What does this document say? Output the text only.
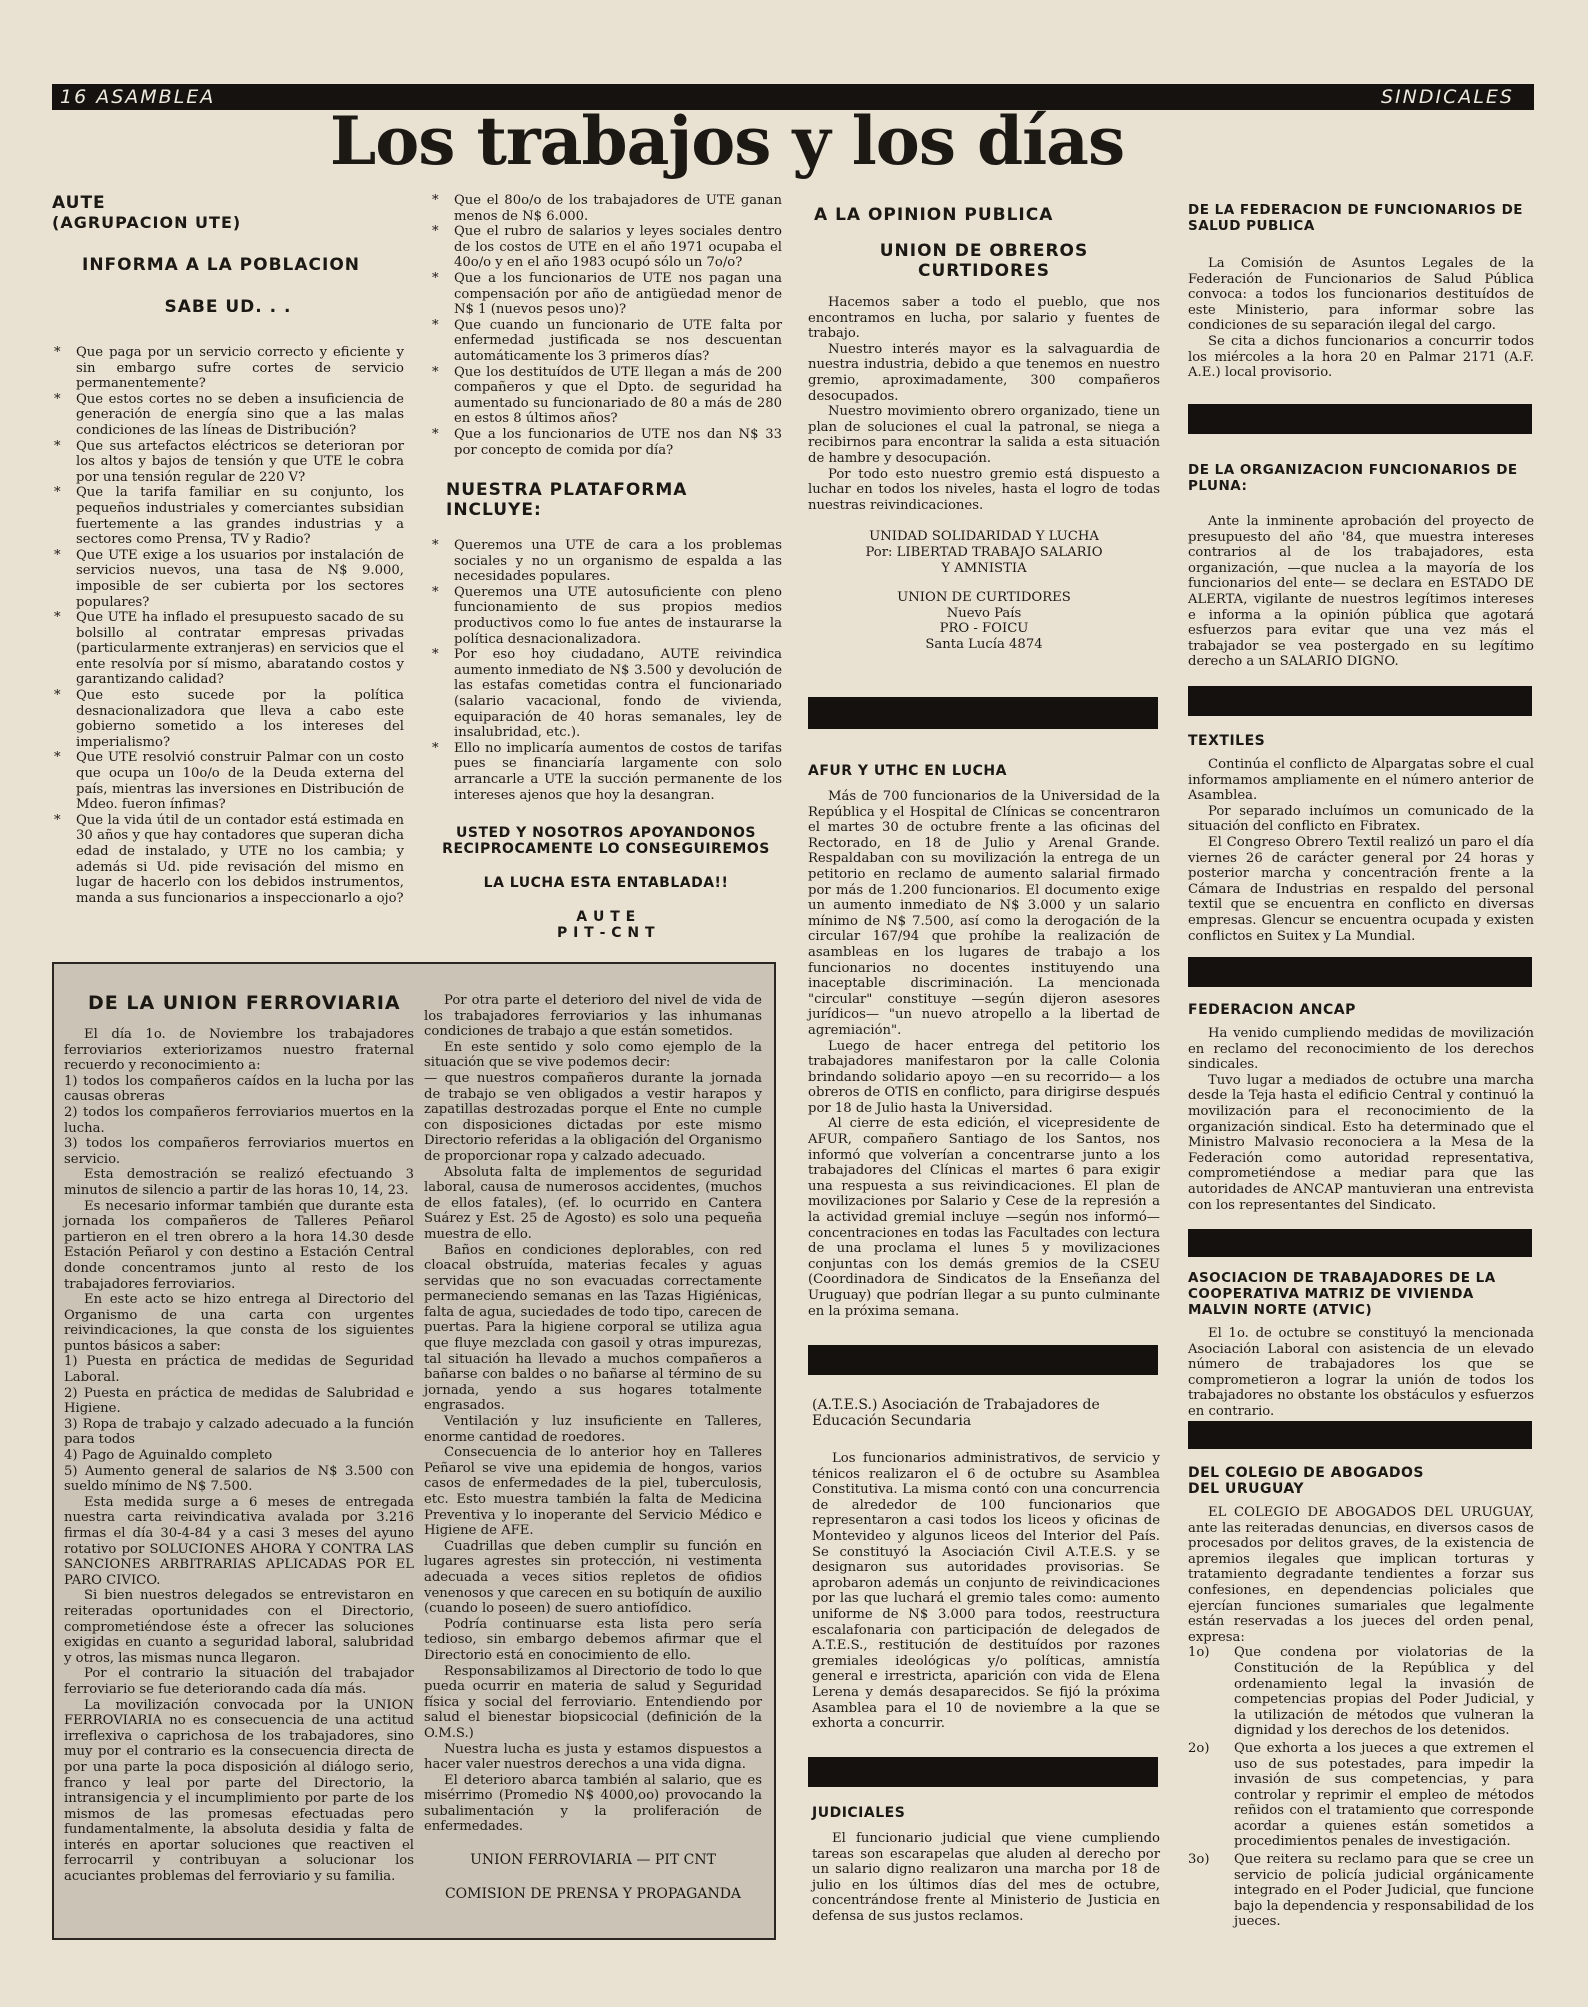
16 ASAMBLEA	SINDICALES
Los trabajos y los días
AUTE
(AGRUPACION UTE)
INFORMA A LA POBLACION
SABE UD. . .
* Que paga por un servicio correcto y eficiente y sin embargo sufre cortes de servicio permanentemente?
* Que estos cortes no se deben a insuficiencia de generación de energía sino que a las malas condiciones de las líneas de Distribución?
* Que sus artefactos eléctricos se deterioran por los altos y bajos de tensión y que UTE le cobra por una tensión regular de 220 V?
* Que la tarifa familiar en su conjunto, los pequeños industriales y comerciantes subsidian fuertemente a las grandes industrias y a sectores como Prensa, TV y Radio?
* Que UTE exige a los usuarios por instalación de servicios nuevos, una tasa de N$ 9.000, imposible de ser cubierta por los sectores populares?
* Que UTE ha inflado el presupuesto sacado de su bolsillo al contratar empresas privadas (particularmente extranjeras) en servicios que el ente resolvía por sí mismo, abaratando costos y garantizando calidad?
* Que esto sucede por la política desnacionalizadora que lleva a cabo este gobierno sometido a los intereses del imperialismo?
* Que UTE resolvió construir Palmar con un costo que ocupa un 10o/o de la Deuda externa del país, mientras las inversiones en Distribución de Mdeo. fueron ínfimas?
* Que la vida útil de un contador está estimada en 30 años y que hay contadores que superan dicha edad de instalado, y UTE no los cambia; y además si Ud. pide revisación del mismo en lugar de hacerlo con los debidos instrumentos, manda a sus funcionarios a inspeccionarlo a ojo?
* Que el 80o/o de los trabajadores de UTE ganan menos de N$ 6.000.
* Que el rubro de salarios y leyes sociales dentro de los costos de UTE en el año 1971 ocupaba el 40o/o y en el año 1983 ocupó sólo un 7o/o?
* Que a los funcionarios de UTE nos pagan una compensación por año de antigüedad menor de N$ 1 (nuevos pesos uno)?
* Que cuando un funcionario de UTE falta por enfermedad justificada se nos descuentan automáticamente los 3 primeros días?
* Que los destituídos de UTE llegan a más de 200 compañeros y que el Dpto. de seguridad ha aumentado su funcionariado de 80 a más de 280 en estos 8 últimos años?
* Que a los funcionarios de UTE nos dan N$ 33 por concepto de comida por día?
NUESTRA PLATAFORMA INCLUYE:
* Queremos una UTE de cara a los problemas sociales y no un organismo de espalda a las necesidades populares.
* Queremos una UTE autosuficiente con pleno funcionamiento de sus propios medios productivos como lo fue antes de instaurarse la política desnacionalizadora.
* Por eso hoy ciudadano, AUTE reivindica aumento inmediato de N$ 3.500 y devolución de las estafas cometidas contra el funcionariado (salario vacacional, fondo de vivienda, equiparación de 40 horas semanales, ley de insalubridad, etc.).
* Ello no implicaría aumentos de costos de tarifas pues se financiaría largamente con solo arrancarle a UTE la succión permanente de los intereses ajenos que hoy la desangran.
USTED Y NOSOTROS APOYANDONOS RECIPROCAMENTE LO CONSEGUIREMOS
LA LUCHA ESTA ENTABLADA!!
A U T E
P I T - C N T
DE LA UNION FERROVIARIA

El día 1o. de Noviembre los trabajadores ferroviarios exteriorizamos nuestro fraternal recuerdo y reconocimiento a:

1) todos los compañeros caídos en la lucha por las causas obreras

2) todos los compañeros ferroviarios muertos en la lucha.

3) todos los compañeros ferroviarios muertos en servicio.

Esta demostración se realizó efectuando 3 minutos de silencio a partir de las horas 10, 14, 23.

Es necesario informar también que durante esta jornada los compañeros de Talleres Peñarol partieron en el tren obrero a la hora 14.30 desde Estación Peñarol y con destino a Estación Central donde concentramos junto al resto de los trabajadores ferroviarios.

En este acto se hizo entrega al Directorio del Organismo de una carta con urgentes reivindicaciones, la que consta de los siguientes puntos básicos a saber:

1) Puesta en práctica de medidas de Seguridad Laboral.

2) Puesta en práctica de medidas de Salubridad e Higiene.

3) Ropa de trabajo y calzado adecuado a la función para todos

4) Pago de Aguinaldo completo

5) Aumento general de salarios de N$ 3.500 con sueldo mínimo de N$ 7.500.

Esta medida surge a 6 meses de entregada nuestra carta reivindicativa avalada por 3.216 firmas el día 30-4-84 y a casi 3 meses del ayuno rotativo por SOLUCIONES AHORA Y CONTRA LAS SANCIONES ARBITRARIAS APLICADAS POR EL PARO CIVICO.

Si bien nuestros delegados se entrevistaron en reiteradas oportunidades con el Directorio, comprometiéndose éste a ofrecer las soluciones exigidas en cuanto a seguridad laboral, salubridad y otros, las mismas nunca llegaron.

Por el contrario la situación del trabajador ferroviario se fue deteriorando cada día más.

La movilización convocada por la UNION FERROVIARIA no es consecuencia de una actitud irreflexiva o caprichosa de los trabajadores, sino muy por el contrario es la consecuencia directa de por una parte la poca disposición al diálogo serio, franco y leal por parte del Directorio, la intransigencia y el incumplimiento por parte de los mismos de las promesas efectuadas pero fundamentalmente, la absoluta desidia y falta de interés en aportar soluciones que reactiven el ferrocarril y contribuyan a solucionar los acuciantes problemas del ferroviario y su familia.

Por otra parte el deterioro del nivel de vida de los trabajadores ferroviarios y las inhumanas condiciones de trabajo a que están sometidos.

En este sentido y solo como ejemplo de la situación que se vive podemos decir:

— que nuestros compañeros durante la jornada de trabajo se ven obligados a vestir harapos y zapatillas destrozadas porque el Ente no cumple con disposiciones dictadas por este mismo Directorio referidas a la obligación del Organismo de proporcionar ropa y calzado adecuado.

Absoluta falta de implementos de seguridad laboral, causa de numerosos accidentes, (muchos de ellos fatales), (ef. lo ocurrido en Cantera Suárez y Est. 25 de Agosto) es solo una pequeña muestra de ello.

Baños en condiciones deplorables, con red cloacal obstruída, materias fecales y aguas servidas que no son evacuadas correctamente permaneciendo semanas en las Tazas Higiénicas, falta de agua, suciedades de todo tipo, carecen de puertas. Para la higiene corporal se utiliza agua que fluye mezclada con gasoil y otras impurezas, tal situación ha llevado a muchos compañeros a bañarse con baldes o no bañarse al término de su jornada, yendo a sus hogares totalmente engrasados.

Ventilación y luz insuficiente en Talleres, enorme cantidad de roedores.

Consecuencia de lo anterior hoy en Talleres Peñarol se vive una epidemia de hongos, varios casos de enfermedades de la piel, tuberculosis, etc. Esto muestra también la falta de Medicina Preventiva y lo inoperante del Servicio Médico e Higiene de AFE.

Cuadrillas que deben cumplir su función en lugares agrestes sin protección, ni vestimenta adecuada a veces sitios repletos de ofidios venenosos y que carecen en su botiquín de auxilio (cuando lo poseen) de suero antiofídico.

Podría continuarse esta lista pero sería tedioso, sin embargo debemos afirmar que el Directorio está en conocimiento de ello.

Responsabilizamos al Directorio de todo lo que pueda ocurrir en materia de salud y Seguridad física y social del ferroviario. Entendiendo por salud el bienestar biopsicocial (definición de la O.M.S.)

Nuestra lucha es justa y estamos dispuestos a hacer valer nuestros derechos a una vida digna.

El deterioro abarca también al salario, que es misérrimo (Promedio N$ 4000,oo) provocando la subalimentación y la proliferación de enfermedades.

UNION FERROVIARIA — PIT CNT
COMISION DE PRENSA Y PROPAGANDA
A LA OPINION PUBLICA
UNION DE OBREROS CURTIDORES

Hacemos saber a todo el pueblo, que nos encontramos en lucha, por salario y fuentes de trabajo.

Nuestro interés mayor es la salvaguardia de nuestra industria, debido a que tenemos en nuestro gremio, aproximadamente, 300 compañeros desocupados.

Nuestro movimiento obrero organizado, tiene un plan de soluciones el cual la patronal, se niega a recibirnos para encontrar la salida a esta situación de hambre y desocupación.

Por todo esto nuestro gremio está dispuesto a luchar en todos los niveles, hasta el logro de todas nuestras reivindicaciones.

UNIDAD SOLIDARIDAD Y LUCHA
Por: LIBERTAD TRABAJO SALARIO
Y AMNISTIA
UNION DE CURTIDORES
Nuevo País
PRO - FOICU
Santa Lucía 4874
AFUR Y UTHC EN LUCHA

Más de 700 funcionarios de la Universidad de la República y el Hospital de Clínicas se concentraron el martes 30 de octubre frente a las oficinas del Rectorado, en 18 de Julio y Arenal Grande. Respaldaban con su movilización la entrega de un petitorio en reclamo de aumento salarial firmado por más de 1.200 funcionarios. El documento exige un aumento inmediato de N$ 3.000 y un salario mínimo de N$ 7.500, así como la derogación de la circular 167/94 que prohíbe la realización de asambleas en los lugares de trabajo a los funcionarios no docentes instituyendo una inaceptable discriminación. La mencionada "circular" constituye —según dijeron asesores jurídicos— "un nuevo atropello a la libertad de agremiación".

Luego de hacer entrega del petitorio los trabajadores manifestaron por la calle Colonia brindando solidario apoyo —en su recorrido— a los obreros de OTIS en conflicto, para dirigirse después por 18 de Julio hasta la Universidad.

Al cierre de esta edición, el vicepresidente de AFUR, compañero Santiago de los Santos, nos informó que volverían a concentrarse junto a los trabajadores del Clínicas el martes 6 para exigir una respuesta a sus reivindicaciones. El plan de movilizaciones por Salario y Cese de la represión a la actividad gremial incluye —según nos informó— concentraciones en todas las Facultades con lectura de una proclama el lunes 5 y movilizaciones conjuntas con los demás gremios de la CSEU (Coordinadora de Sindicatos de la Enseñanza del Uruguay) que podrían llegar a su punto culminante en la próxima semana.

(A.T.E.S.) Asociación de Trabajadores de Educación Secundaria

Los funcionarios administrativos, de servicio y ténicos realizaron el 6 de octubre su Asamblea Constitutiva. La misma contó con una concurrencia de alrededor de 100 funcionarios que representaron a casi todos los liceos y oficinas de Montevideo y algunos liceos del Interior del País. Se constituyó la Asociación Civil A.T.E.S. y se designaron sus autoridades provisorias. Se aprobaron además un conjunto de reivindicaciones por las que luchará el gremio tales como: aumento uniforme de N$ 3.000 para todos, reestructura escalafonaria con participación de delegados de A.T.E.S., restitución de destituídos por razones gremiales ideológicas y/o políticas, amnistía general e irrestricta, aparición con vida de Elena Lerena y demás desaparecidos. Se fijó la próxima Asamblea para el 10 de noviembre a la que se exhorta a concurrir.

JUDICIALES

El funcionario judicial que viene cumpliendo tareas son escarapelas que aluden al derecho por un salario digno realizaron una marcha por 18 de julio en los últimos días del mes de octubre, concentrándose frente al Ministerio de Justicia en defensa de sus justos reclamos.

DE LA FEDERACION DE FUNCIONARIOS DE SALUD PUBLICA

La Comisión de Asuntos Legales de la Federación de Funcionarios de Salud Pública convoca: a todos los funcionarios destituídos de este Ministerio, para informar sobre las condiciones de su separación ilegal del cargo.

Se cita a dichos funcionarios a concurrir todos los miércoles a la hora 20 en Palmar 2171 (A.F. A.E.) local provisorio.

DE LA ORGANIZACION FUNCIONARIOS DE PLUNA:

Ante la inminente aprobación del proyecto de presupuesto del año '84, que muestra intereses contrarios al de los trabajadores, esta organización, —que nuclea a la mayoría de los funcionarios del ente— se declara en ESTADO DE ALERTA, vigilante de nuestros legítimos intereses e informa a la opinión pública que agotará esfuerzos para evitar que una vez más el trabajador se vea postergado en su legítimo derecho a un SALARIO DIGNO.

TEXTILES

Continúa el conflicto de Alpargatas sobre el cual informamos ampliamente en el número anterior de Asamblea.

Por separado incluímos un comunicado de la situación del conflicto en Fibratex.

El Congreso Obrero Textil realizó un paro el día viernes 26 de carácter general por 24 horas y posterior marcha y concentración frente a la Cámara de Industrias en respaldo del personal textil que se encuentra en conflicto en diversas empresas. Glencur se encuentra ocupada y existen conflictos en Suitex y La Mundial.

FEDERACION ANCAP

Ha venido cumpliendo medidas de movilización en reclamo del reconocimiento de los derechos sindicales.

Tuvo lugar a mediados de octubre una marcha desde la Teja hasta el edificio Central y continuó la movilización para el reconocimiento de la organización sindical. Esto ha determinado que el Ministro Malvasio reconociera a la Mesa de la Federación como autoridad representativa, comprometiéndose a mediar para que las autoridades de ANCAP mantuvieran una entrevista con los representantes del Sindicato.

ASOCIACION DE TRABAJADORES DE LA COOPERATIVA MATRIZ DE VIVIENDA MALVIN NORTE (ATVIC)

El 1o. de octubre se constituyó la mencionada Asociación Laboral con asistencia de un elevado número de trabajadores los que se comprometieron a lograr la unión de todos los trabajadores no obstante los obstáculos y esfuerzos en contrario.

DEL COLEGIO DE ABOGADOS
DEL URUGUAY

EL COLEGIO DE ABOGADOS DEL URUGUAY, ante las reiteradas denuncias, en diversos casos de procesados por delitos graves, de la existencia de apremios ilegales que implican torturas y tratamiento degradante tendientes a forzar sus confesiones, en dependencias policiales que ejercían funciones sumariales que legalmente están reservadas a los jueces del orden penal, expresa:

1o) Que condena por violatorias de la Constitución de la República y del ordenamiento legal la invasión de competencias propias del Poder Judicial, y la utilización de métodos que vulneran la dignidad y los derechos de los detenidos.
2o) Que exhorta a los jueces a que extremen el uso de sus potestades, para impedir la invasión de sus competencias, y para controlar y reprimir el empleo de métodos reñidos con el tratamiento que corresponde acordar a quienes están sometidos a procedimientos penales de investigación.
3o) Que reitera su reclamo para que se cree un servicio de policía judicial orgánicamente integrado en el Poder Judicial, que funcione bajo la dependencia y responsabilidad de los jueces.
